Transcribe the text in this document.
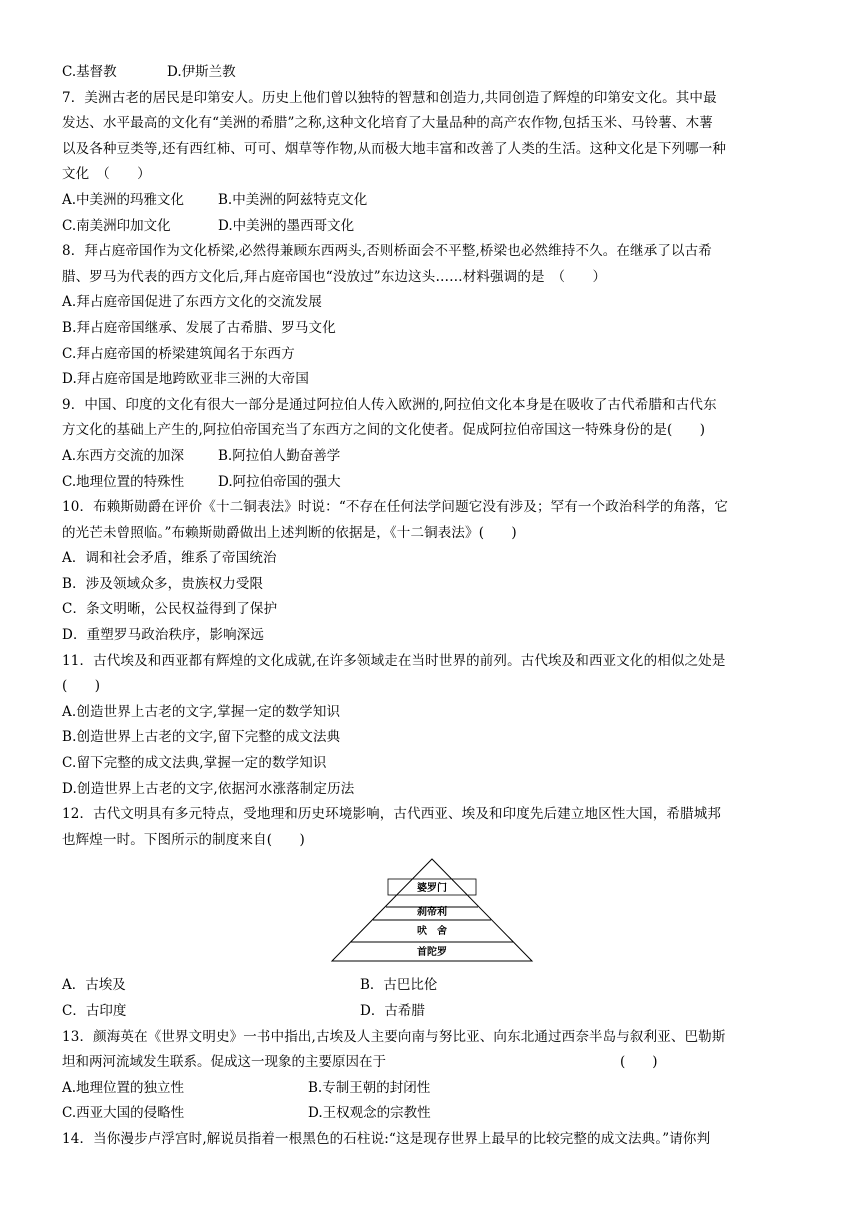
C.基督教	D.伊斯兰教
7．美洲古老的居民是印第安人。历史上他们曾以独特的智慧和创造力,共同创造了辉煌的印第安文化。其中最
发达、水平最高的文化有“美洲的希腊”之称,这种文化培育了大量品种的高产农作物,包括玉米、马铃薯、木薯
以及各种豆类等,还有西红柿、可可、烟草等作物,从而极大地丰富和改善了人类的生活。这种文化是下列哪一种
文化　（　　）
A.中美洲的玛雅文化	B.中美洲的阿兹特克文化
C.南美洲印加文化	D.中美洲的墨西哥文化
8．拜占庭帝国作为文化桥梁,必然得兼顾东西两头,否则桥面会不平整,桥梁也必然维持不久。在继承了以古希
腊、罗马为代表的西方文化后,拜占庭帝国也“没放过”东边这头……材料强调的是　（　　）
A.拜占庭帝国促进了东西方文化的交流发展
B.拜占庭帝国继承、发展了古希腊、罗马文化
C.拜占庭帝国的桥梁建筑闻名于东西方
D.拜占庭帝国是地跨欧亚非三洲的大帝国
9．中国、印度的文化有很大一部分是通过阿拉伯人传入欧洲的,阿拉伯文化本身是在吸收了古代希腊和古代东
方文化的基础上产生的,阿拉伯帝国充当了东西方之间的文化使者。促成阿拉伯帝国这一特殊身份的是(　　)
A.东西方交流的加深	B.阿拉伯人勤奋善学
C.地理位置的特殊性	D.阿拉伯帝国的强大
10．布赖斯勋爵在评价《十二铜表法》时说：“不存在任何法学问题它没有涉及；罕有一个政治科学的角落，它
的光芒未曾照临。”布赖斯勋爵做出上述判断的依据是，《十二铜表法》(　　)
A．调和社会矛盾，维系了帝国统治
B．涉及领域众多，贵族权力受限
C．条文明晰，公民权益得到了保护
D．重塑罗马政治秩序，影响深远
11．古代埃及和西亚都有辉煌的文化成就,在许多领域走在当时世界的前列。古代埃及和西亚文化的相似之处是
(　　)
A.创造世界上古老的文字,掌握一定的数学知识
B.创造世界上古老的文字,留下完整的成文法典
C.留下完整的成文法典,掌握一定的数学知识
D.创造世界上古老的文字,依据河水涨落制定历法
12．古代文明具有多元特点，受地理和历史环境影响，古代西亚、埃及和印度先后建立地区性大国，希腊城邦
也辉煌一时。下图所示的制度来自(　　)
婆罗门
刹帝利
吠　舍
首陀罗
A．古埃及	B．古巴比伦
C．古印度	D．古希腊
13．颜海英在《世界文明史》一书中指出,古埃及人主要向南与努比亚、向东北通过西奈半岛与叙利亚、巴勒斯
坦和两河流域发生联系。促成这一现象的主要原因在于	(　　)
A.地理位置的独立性	B.专制王朝的封闭性
C.西亚大国的侵略性	D.王权观念的宗教性
14．当你漫步卢浮宫时,解说员指着一根黑色的石柱说:“这是现存世界上最早的比较完整的成文法典。”请你判
